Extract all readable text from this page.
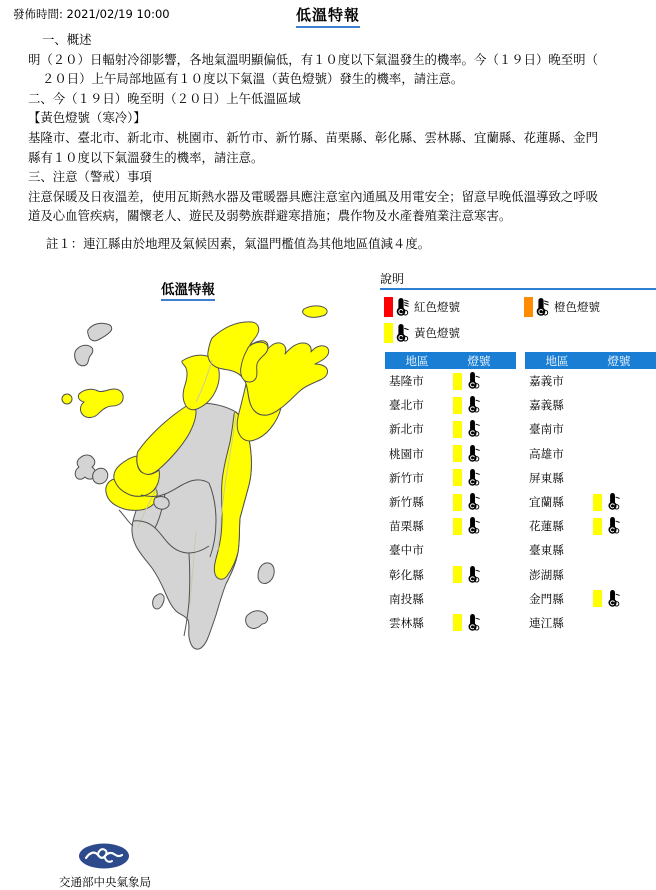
發佈時間: 2021/02/19 10:00	低溫特報

一、概述

明（２０）日輻射冷卻影響，各地氣溫明顯偏低，有１０度以下氣溫發生的機率。今（１９日）晚至明（

２０日）上午局部地區有１０度以下氣溫（黃色燈號）發生的機率，請注意。

二、今（１９日）晚至明（２０日）上午低溫區域

【黃色燈號（寒冷）】

基隆市、臺北市、新北市、桃園市、新竹市、新竹縣、苗栗縣、彰化縣、雲林縣、宜蘭縣、花蓮縣、金門

縣有１０度以下氣溫發生的機率，請注意。

三、注意（警戒）事項

注意保暖及日夜溫差，使用瓦斯熱水器及電暖器具應注意室內通風及用電安全；留意早晚低溫導致之呼吸

道及心血管疾病，關懷老人、遊民及弱勢族群避寒措施；農作物及水產養殖業注意寒害。

註１：連江縣由於地理及氣候因素，氣溫門檻值為其他地區值減４度。

低溫特報
交通部中央氣象局
說明
紅色燈號	橙色燈號
黃色燈號
地區	燈號
基隆市
臺北市
新北市
桃園市
新竹市
新竹縣
苗栗縣
臺中市
彰化縣
南投縣
雲林縣
地區	燈號
嘉義市
嘉義縣
臺南市
高雄市
屏東縣
宜蘭縣
花蓮縣
臺東縣
澎湖縣
金門縣
連江縣
